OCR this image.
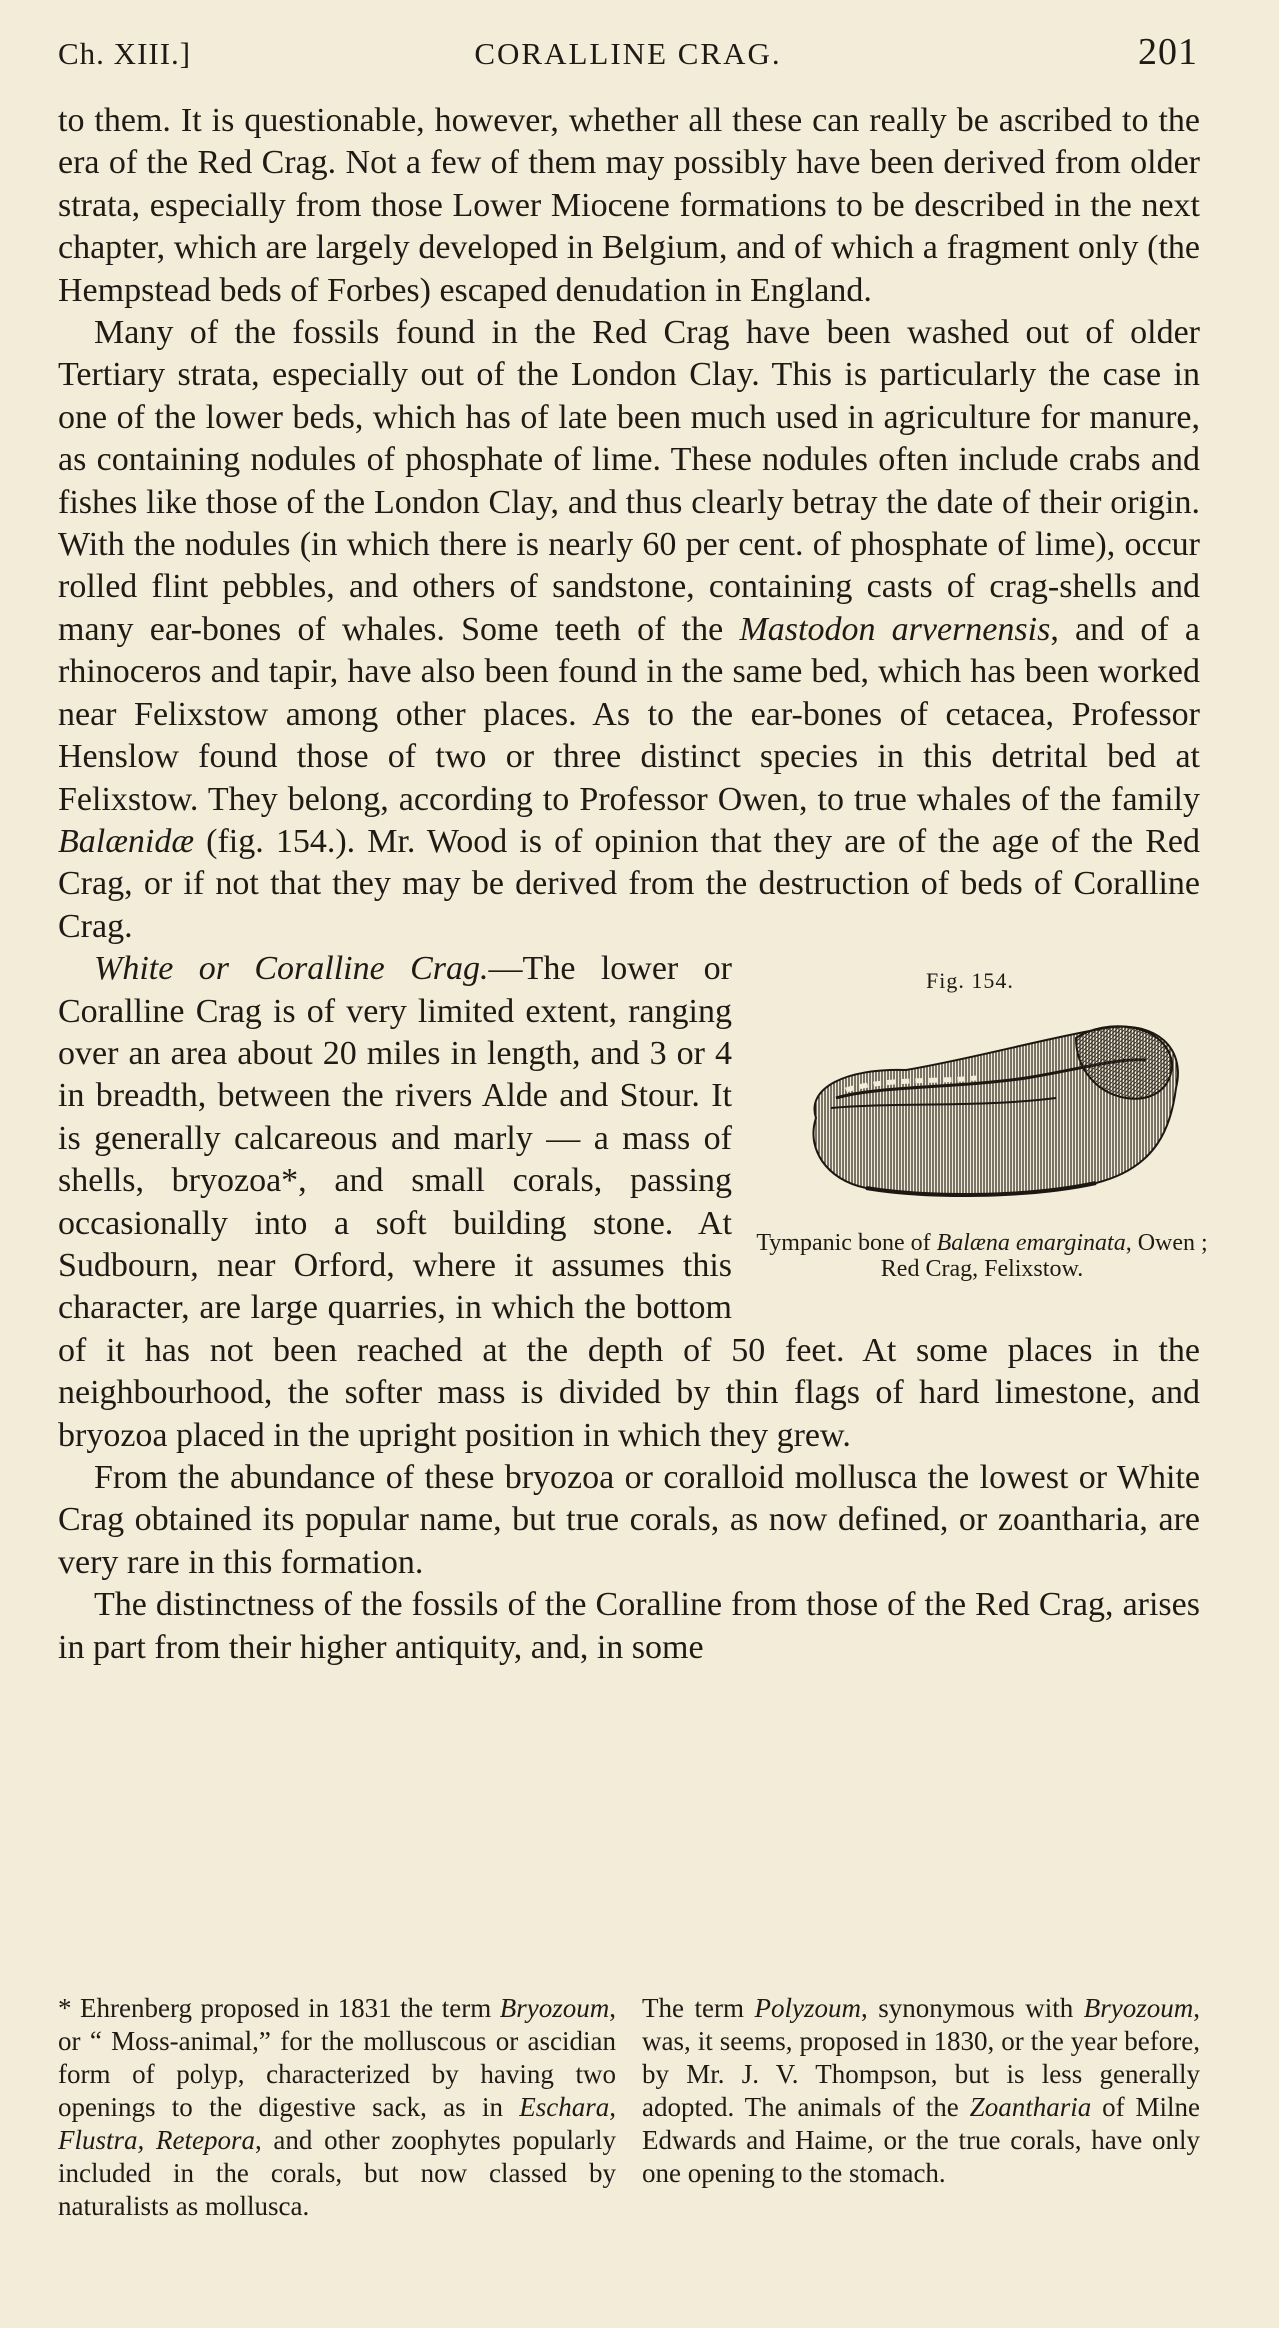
Ch. XIII.]	CORALLINE CRAG.	201

to them. It is questionable, however, whether all these can really be ascribed to the era of the Red Crag. Not a few of them may possibly have been derived from older strata, especially from those Lower Miocene formations to be described in the next chapter, which are largely developed in Belgium, and of which a fragment only (the Hempstead beds of Forbes) escaped denudation in England.

Many of the fossils found in the Red Crag have been washed out of older Tertiary strata, especially out of the London Clay. This is particularly the case in one of the lower beds, which has of late been much used in agriculture for manure, as containing nodules of phosphate of lime. These nodules often include crabs and fishes like those of the London Clay, and thus clearly betray the date of their origin. With the nodules (in which there is nearly 60 per cent. of phosphate of lime), occur rolled flint pebbles, and others of sandstone, containing casts of crag-shells and many ear-bones of whales. Some teeth of the Mastodon arvernensis, and of a rhinoceros and tapir, have also been found in the same bed, which has been worked near Felixstow among other places. As to the ear-bones of cetacea, Professor Henslow found those of two or three distinct species in this detrital bed at Felixstow. They belong, according to Professor Owen, to true whales of the family Balænidæ (fig. 154.). Mr. Wood is of opinion that they are of the age of the Red Crag, or if not that they may be derived from the destruction of beds of Coralline Crag.

Fig. 154.
Tympanic bone of Balæna emarginata, Owen ; Red Crag, Felixstow.

White or Coralline Crag.—The lower or Coralline Crag is of very limited extent, ranging over an area about 20 miles in length, and 3 or 4 in breadth, between the rivers Alde and Stour. It is generally calcareous and marly — a mass of shells, bryozoa*, and small corals, passing occasionally into a soft building stone. At Sudbourn, near Orford, where it assumes this character, are large quarries, in which the bottom of it has not been reached at the depth of 50 feet. At some places in the neighbourhood, the softer mass is divided by thin flags of hard limestone, and bryozoa placed in the upright position in which they grew.

From the abundance of these bryozoa or coralloid mollusca the lowest or White Crag obtained its popular name, but true corals, as now defined, or zoantharia, are very rare in this formation.

The distinctness of the fossils of the Coralline from those of the Red Crag, arises in part from their higher antiquity, and, in some

* Ehrenberg proposed in 1831 the term Bryozoum, or “ Moss-animal,” for the molluscous or ascidian form of polyp, characterized by having two openings to the digestive sack, as in Eschara, Flustra, Retepora, and other zoophytes popularly included in the corals, but now classed by naturalists as mollusca.
The term Polyzoum, synonymous with Bryozoum, was, it seems, proposed in 1830, or the year before, by Mr. J. V. Thompson, but is less generally adopted. The animals of the Zoantharia of Milne Edwards and Haime, or the true corals, have only one opening to the stomach.
